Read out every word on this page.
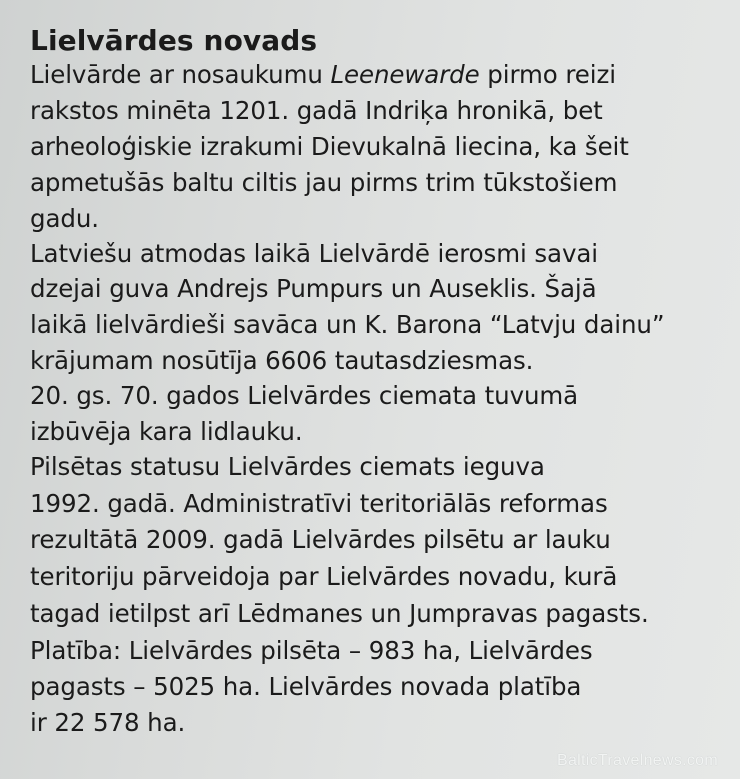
Lielvārdes novads

Lielvārde ar nosaukumu Leenewarde pirmo reizi

rakstos minēta 1201. gadā Indriķa hronikā, bet

arheoloģiskie izrakumi Dievukalnā liecina, ka šeit

apmetušās baltu ciltis jau pirms trim tūkstošiem

gadu.

Latviešu atmodas laikā Lielvārdē ierosmi savai

dzejai guva Andrejs Pumpurs un Auseklis. Šajā

laikā lielvārdieši savāca un K. Barona “Latvju dainu”

krājumam nosūtīja 6606 tautasdziesmas.

20. gs. 70. gados Lielvārdes ciemata tuvumā

izbūvēja kara lidlauku.

Pilsētas statusu Lielvārdes ciemats ieguva

1992. gadā. Administratīvi teritoriālās reformas

rezultātā 2009. gadā Lielvārdes pilsētu ar lauku

teritoriju pārveidoja par Lielvārdes novadu, kurā

tagad ietilpst arī Lēdmanes un Jumpravas pagasts.

Platība: Lielvārdes pilsēta – 983 ha, Lielvārdes

pagasts – 5025 ha. Lielvārdes novada platība

ir 22 578 ha.

BalticTravelnews.com
